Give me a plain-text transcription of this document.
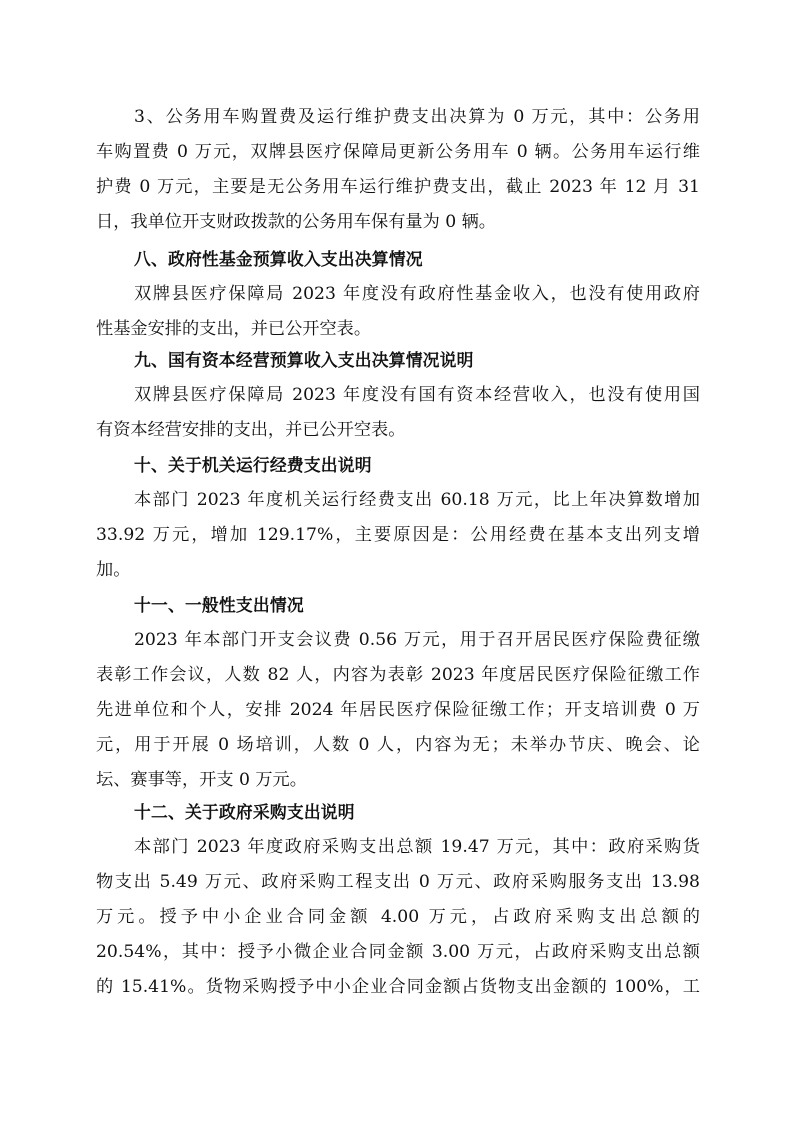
3、公务用车购置费及运行维护费支出决算为 0 万元，其中：公务用
车购置费 0 万元，双牌县医疗保障局更新公务用车 0 辆。公务用车运行维
护费 0 万元，主要是无公务用车运行维护费支出，截止 2023 年 12 月 31
日，我单位开支财政拨款的公务用车保有量为 0 辆。
八、政府性基金预算收入支出决算情况
双牌县医疗保障局 2023 年度没有政府性基金收入，也没有使用政府
性基金安排的支出，并已公开空表。
九、国有资本经营预算收入支出决算情况说明
双牌县医疗保障局 2023 年度没有国有资本经营收入，也没有使用国
有资本经营安排的支出，并已公开空表。
十、关于机关运行经费支出说明
本部门 2023 年度机关运行经费支出 60.18 万元，比上年决算数增加
33.92 万元，增加 129.17%，主要原因是：公用经费在基本支出列支增
加。
十一、一般性支出情况
2023 年本部门开支会议费 0.56 万元，用于召开居民医疗保险费征缴
表彰工作会议，人数 82 人，内容为表彰 2023 年度居民医疗保险征缴工作
先进单位和个人，安排 2024 年居民医疗保险征缴工作；开支培训费 0 万
元，用于开展 0 场培训，人数 0 人，内容为无；未举办节庆、晚会、论
坛、赛事等，开支 0 万元。
十二、关于政府采购支出说明
本部门 2023 年度政府采购支出总额 19.47 万元，其中：政府采购货
物支出 5.49 万元、政府采购工程支出 0 万元、政府采购服务支出 13.98
万元。授予中小企业合同金额 4.00 万元，占政府采购支出总额的
20.54%，其中：授予小微企业合同金额 3.00 万元，占政府采购支出总额
的 15.41%。货物采购授予中小企业合同金额占货物支出金额的 100%，工
